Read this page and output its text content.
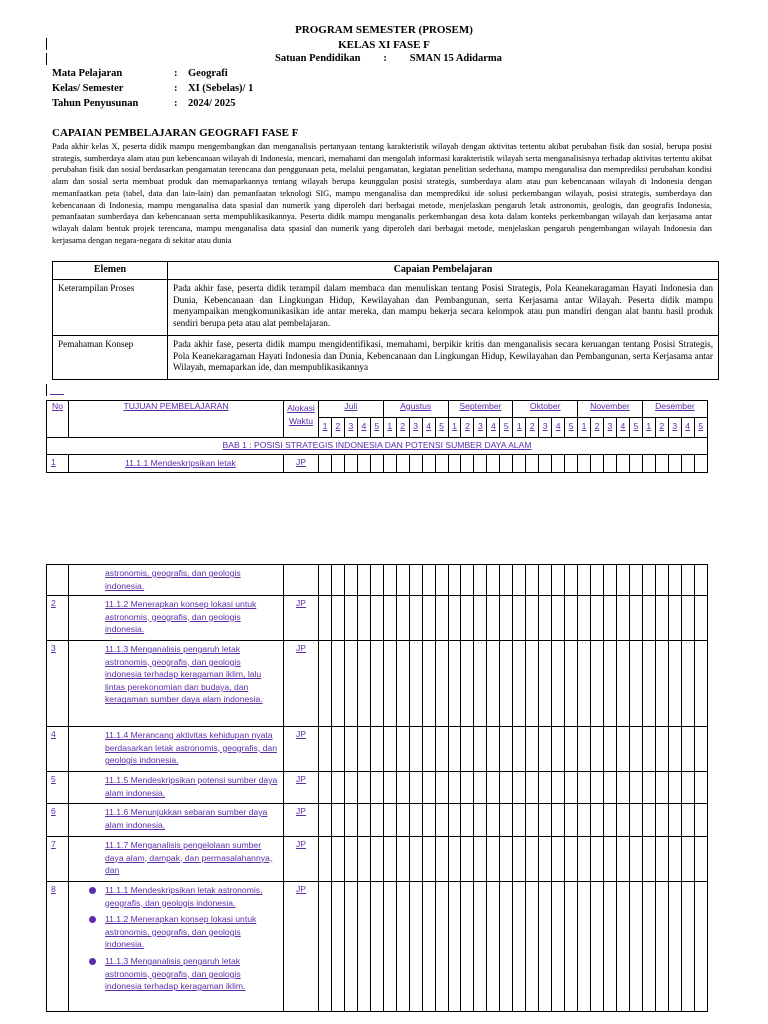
PROGRAM SEMESTER (PROSEM)
KELAS XI FASE F
Satuan Pendidikan : SMAN 15 Adidarma
Mata Pelajaran	: Geografi
Kelas/ Semester	: XI (Sebelas)/ 1
Tahun Penyusunan	: 2024/ 2025
CAPAIAN PEMBELAJARAN GEOGRAFI FASE F
Pada akhir kelas X, peserta didik mampu mengembangkan dan menganalisis pertanyaan tentang karakteristik wilayah dengan aktivitas tertentu akibat perubahan fisik dan sosial, berupa posisi strategis, sumberdaya alam atau pun kebencanaan wilayah di Indonesia, mencari, memahami dan mengolah informasi karakteristik wilayah serta menganalisisnya terhadap aktivitas tertentu akibat perubahan fisik dan sosial berdasarkan pengamatan terencana dan penggunaan peta, melalui pengamatan, kegiatan penelitian sederhana, mampu menganalisa dan memprediksi perubahan kondisi alam dan sosial serta membuat produk dan memaparkannya tentang wilayah berupa keunggulan posisi strategis, sumberdaya alam atau pun kebencanaan wilayah di Indonesia dengan memanfaatkan peta (tabel, data dan lain-lain) dan pemanfaatan teknologi SIG, mampu menganalisa dan memprediksi ide solusi perkembangan wilayah, posisi strategis, sumberdaya dan kebencanaan di Indonesia, mampu menganalisa data spasial dan numerik yang diperoleh dari berbagai metode, menjelaskan pengaruh letak astronomis, geologis, dan geografis Indonesia, pemanfaatan sumberdaya dan kebencanaan serta mempublikasikannya. Peserta didik mampu menganalis perkembangan desa kota dalam konteks perkembangan wilayah dan kerjasama antar wilayah dalam bentuk projek terencana, mampu menganalisa data spasial dan numerik yang diperoleh dari berbagai metode, menjelaskan pengaruh pengembangan wilayah Indonesia dan kerjasama dengan negara-negara di sekitar atau dunia
Elemen	Capaian Pembelajaran
Keterampilan Proses	Pada akhir fase, peserta didik terampil dalam membaca dan menuliskan tentang Posisi Strategis, Pola Keanekaragaman Hayati Indonesia dan Dunia, Kebencanaan dan Lingkungan Hidup, Kewilayahan dan Pembangunan, serta Kerjasama antar Wilayah. Peserta didik mampu menyampaikan mengkomunikasikan ide antar mereka, dan mampu bekerja secara kelompok atau pun mandiri dengan alat bantu hasil produk sendiri berupa peta atau alat pembelajaran.
Pemahaman Konsep	Pada akhir fase, peserta didik mampu mengidentifikasi, memahami, berpikir kritis dan menganalisis secara keruangan tentang Posisi Strategis, Pola Keanekaragaman Hayati Indonesia dan Dunia, Kebencanaan dan Lingkungan Hidup, Kewilayahan dan Pembangunan, serta Kerjasama antar Wilayah, memaparkan ide, dan mempublikasikannya
No	TUJUAN PEMBELAJARAN	Alokasi Waktu	Juli					Agustus					September					Oktober					November					Desember				
			1	2	3	4	5	1	2	3	4	5	1	2	3	4	5	1	2	3	4	5	1	2	3	4	5	1	2	3	4	5
BAB 1 : POSISI STRATEGIS INDONESIA DAN POTENSI SUMBER DAYA ALAM																																
1	11.1.1 Mendeskripsikan letak	JP																														
	astronomis, geografis, dan geologis indonesia.																															
2	11.1.2 Menerapkan konsep lokasi untuk astronomis, geografis, dan geologis indonesia.	JP																														
3	11.1.3 Menganalisis pengaruh letak astronomis, geografis, dan geologis indonesia terhadap keragaman iklim, lalu lintas perekonomian dan budaya, dan keragaman sumber daya alam indonesia.	JP																														
4	11.1.4 Merancang aktivitas kehidupan nyata berdasarkan letak astronomis, geografis, dan geologis indonesia.	JP																														
5	11.1.5 Mendeskripsikan potensi sumber daya alam indonesia.	JP																														
6	11.1.6 Menunjukkan sebaran sumber daya alam indonesia.	JP																														
7	11.1.7 Menganalisis pengelolaan sumber daya alam, dampak, dan permasalahannya, dan	JP																														
8	11.1.1 Mendeskripsikan letak astronomis, geografis, dan geologis indonesia.
11.1.2 Menerapkan konsep lokasi untuk astronomis, geografis, dan geologis indonesia.
11.1.3 Menganalisis pengaruh letak astronomis, geografis, dan geologis indonesia terhadap keragaman iklim.	JP																														
